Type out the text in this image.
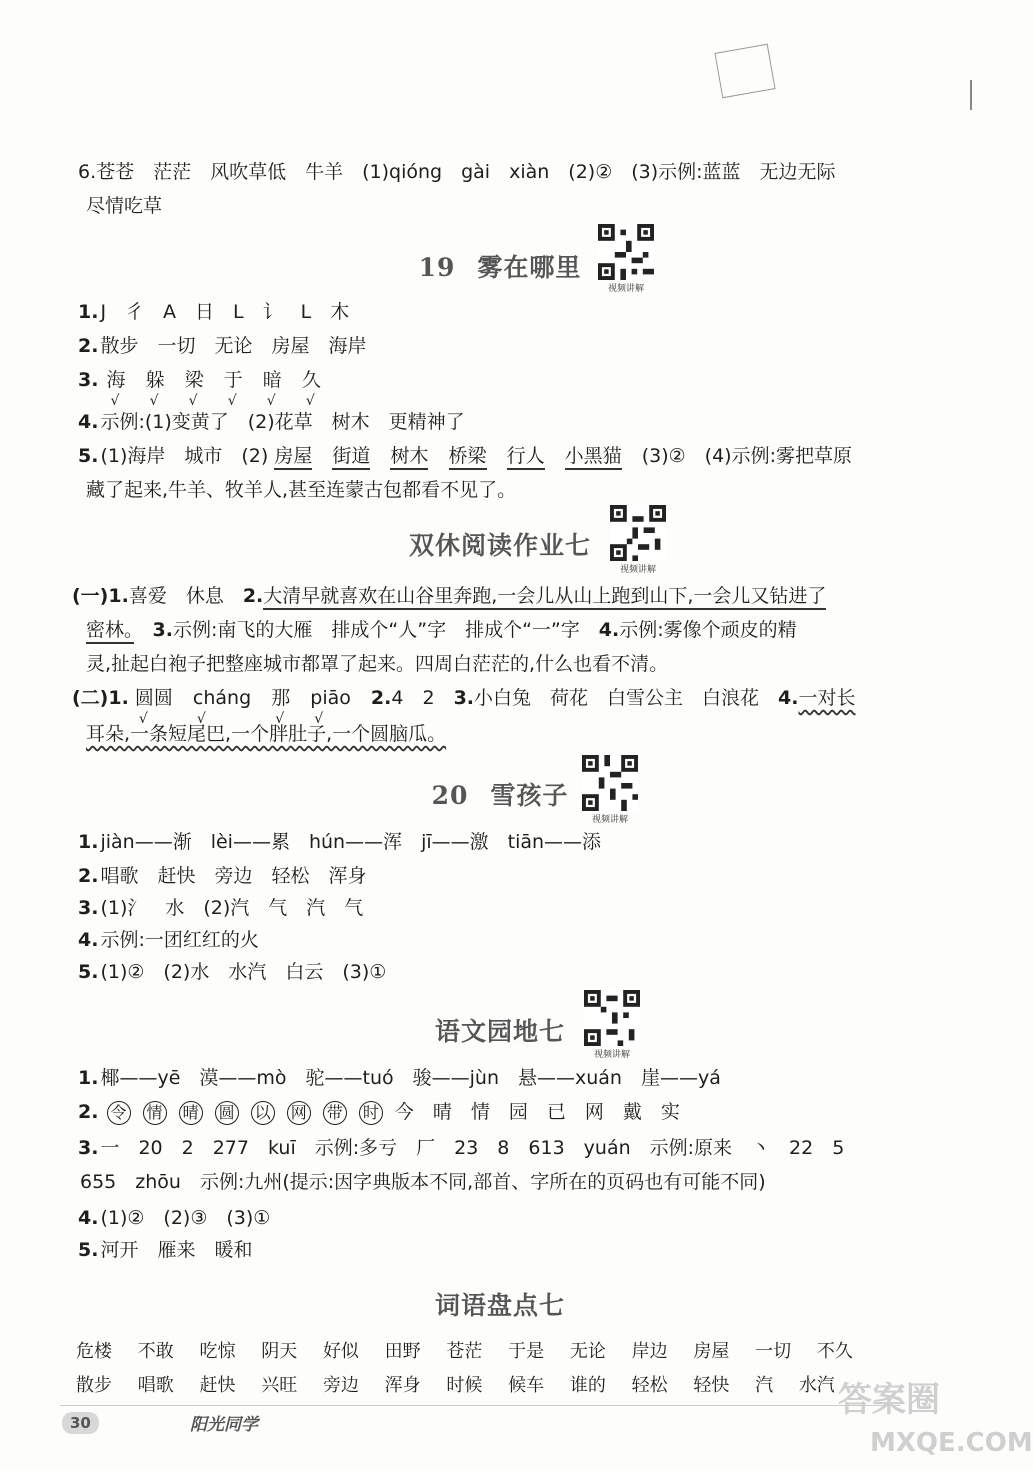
6.苍苍　茫茫　风吹草低　牛羊　(1)qióng　gài　xiàn　(2)②　(3)示例:蓝蓝　无边无际
尽情吃草
19 雾在哪里
视频讲解
1. J　彳　A　日　L　讠　L　木
2. 散步　一切　无论　房屋　海岸
3. 海 √ 躲 √ 梁 √ 于 √ 暗 √ 久 √
4. 示例:(1)变黄了　(2)花草　树木　更精神了
5. (1)海岸　城市　(2) 房屋 街道 树木 桥梁 行人 小黑猫 (3)②　(4)示例:雾把草原
藏了起来,牛羊、牧羊人,甚至连蒙古包都看不见了。
双休阅读作业七
视频讲解
(一)1.喜爱　休息　2.大清早就喜欢在山谷里奔跑,一会儿从山上跑到山下,一会儿又钻进了
密林。　 3.示例:南飞的大雁　排成个“人”字　排成个“一”字　4.示例:雾像个顽皮的精
灵,扯起白袍子把整座城市都罩了起来。四周白茫茫的,什么也看不清。
(二)1. 圆圆 √ cháng √ 那 √ piāo √ 2.4　2　3.小白兔　荷花　白雪公主　白浪花　4.一对长
耳朵,一条短尾巴,一个胖肚子,一个圆脑瓜。
20 雪孩子
视频讲解
1. jiàn——渐　lèi——累　hún——浑　jī——激　tiān——添
2. 唱歌　赶快　旁边　轻松　浑身
3. (1)氵　水　(2)汽　气　汽　气
4. 示例:一团红红的火
5. (1)②　(2)水　水汽　白云　(3)①
语文园地七
视频讲解
1. 椰——yē　漠——mò　驼——tuó　骏——jùn　悬——xuán　崖——yá
2. 令 情 晴 圆 以 网 带 时 今　晴　情　园　已　网　戴　实
3. 一　20　2　277　kuī　示例:多亏　厂　23　8　613　yuán　示例:原来　丶　22　5
655　zhōu　示例:九州(提示:因字典版本不同,部首、字所在的页码也有可能不同)
4. (1)②　(2)③　(3)①
5. 河开　雁来　暖和
词语盘点七
危楼 不敢 吃惊 阴天 好似 田野 苍茫 于是 无论 岸边 房屋 一切 不久
散步 唱歌 赶快 兴旺 旁边 浑身 时候 候车 谁的 轻松 轻快 汽 水汽
30	阳光同学
答案圈
MXQE.COM
